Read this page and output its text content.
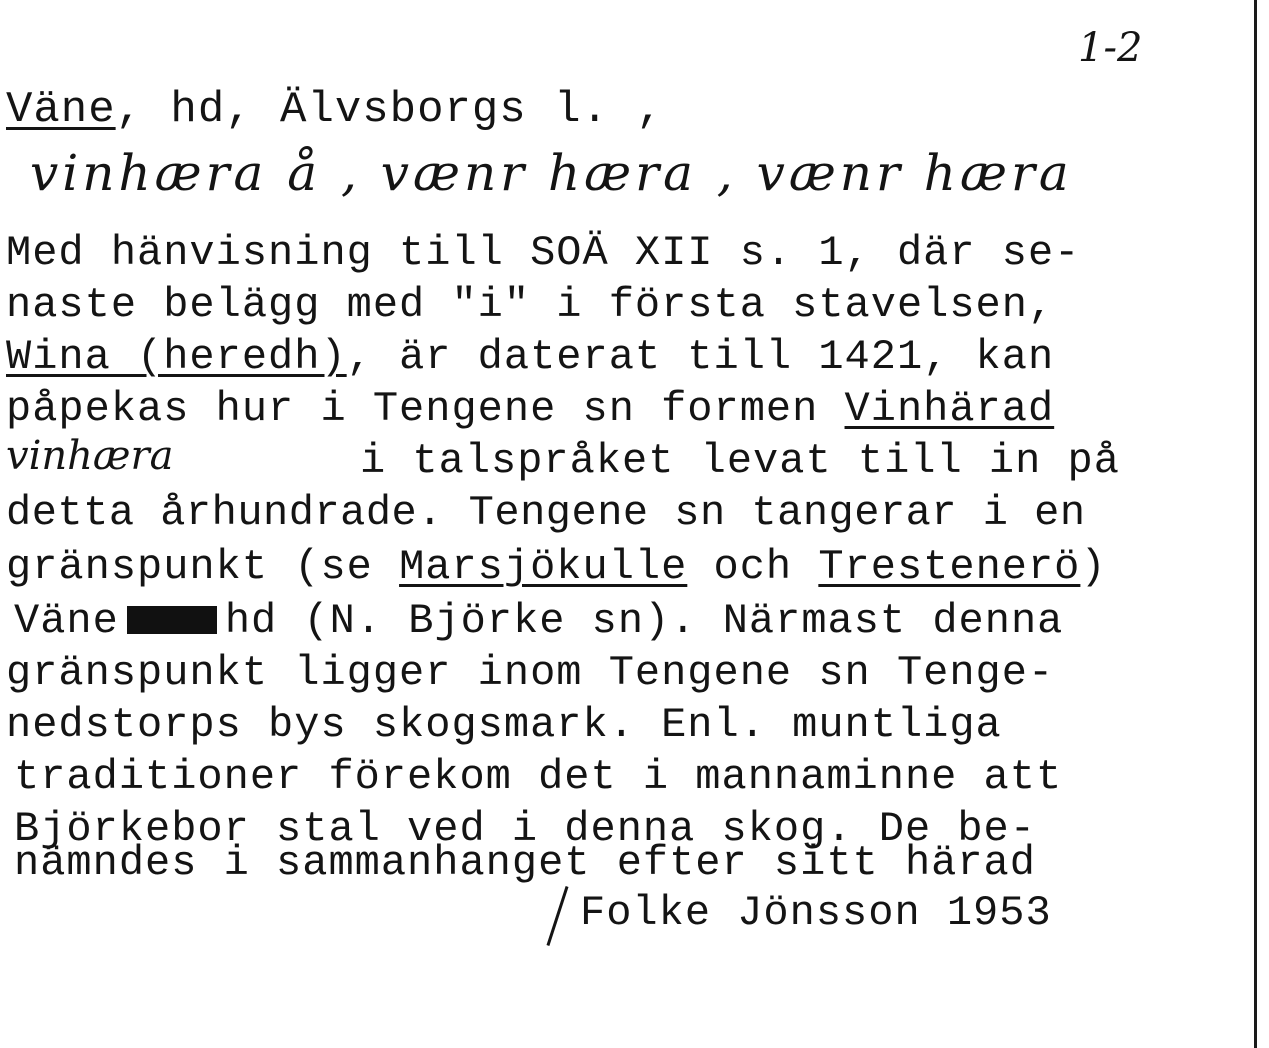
1-2
Väne, hd, Älvsborgs l. ,
vinhæra å , vænr hæra , vænr hæra
Med hänvisning till SOÄ XII s. 1, där se-
naste belägg med "i" i första stavelsen,
Wina (heredh), är daterat till 1421, kan
påpekas hur i Tengene sn formen Vinhärad
vinhæra	i talspråket levat till in på
detta århundrade. Tengene sn tangerar i en
gränspunkt (se Marsjökulle och Trestenerö)
Väne	hd (N. Björke sn). Närmast denna
gränspunkt ligger inom Tengene sn Tenge-
nedstorps bys skogsmark. Enl. muntliga
traditioner förekom det i mannaminne att
Björkebor stal ved i denna skog. De be-
nämndes i sammanhanget efter sitt härad
Folke Jönsson 1953
